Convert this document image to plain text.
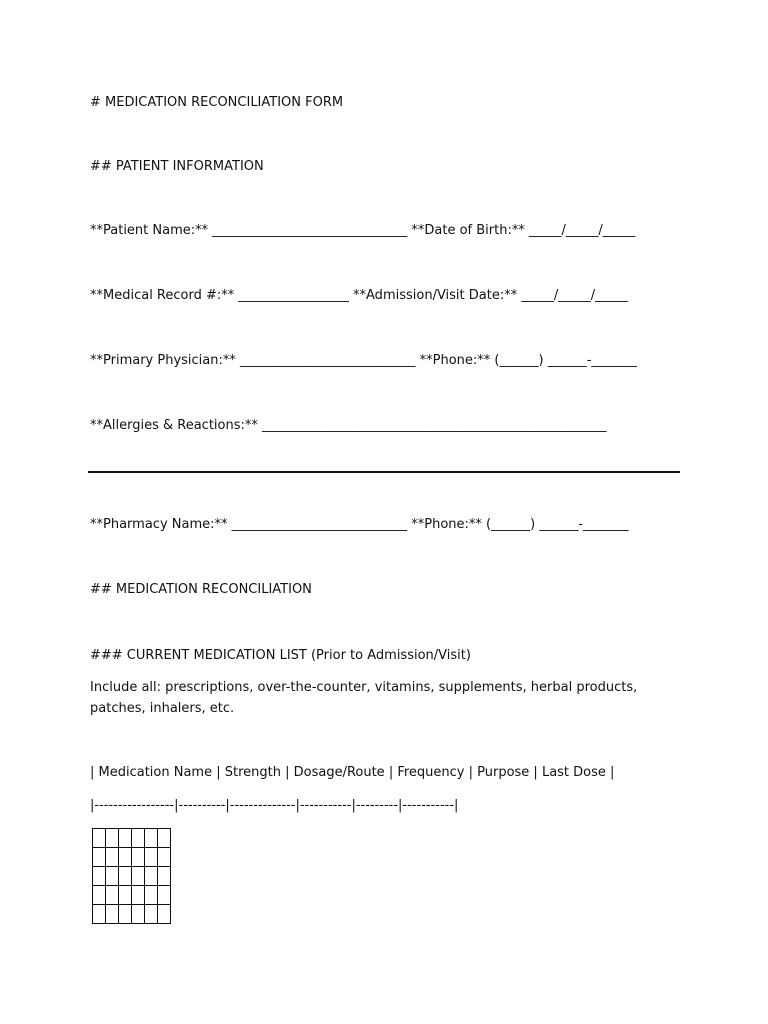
# MEDICATION RECONCILIATION FORM
## PATIENT INFORMATION
**Patient Name:** ______________________________ **Date of Birth:** _____/_____/_____
**Medical Record #:** _________________ **Admission/Visit Date:** _____/_____/_____
**Primary Physician:** ___________________________ **Phone:** (______) ______-_______
**Allergies & Reactions:** _____________________________________________________
**Pharmacy Name:** ___________________________ **Phone:** (______) ______-_______
## MEDICATION RECONCILIATION
### CURRENT MEDICATION LIST (Prior to Admission/Visit)
Include all: prescriptions, over-the-counter, vitamins, supplements, herbal products, patches, inhalers, etc.
| Medication Name | Strength | Dosage/Route | Frequency | Purpose | Last Dose |
|-----------------|----------|--------------|-----------|---------|-----------|
